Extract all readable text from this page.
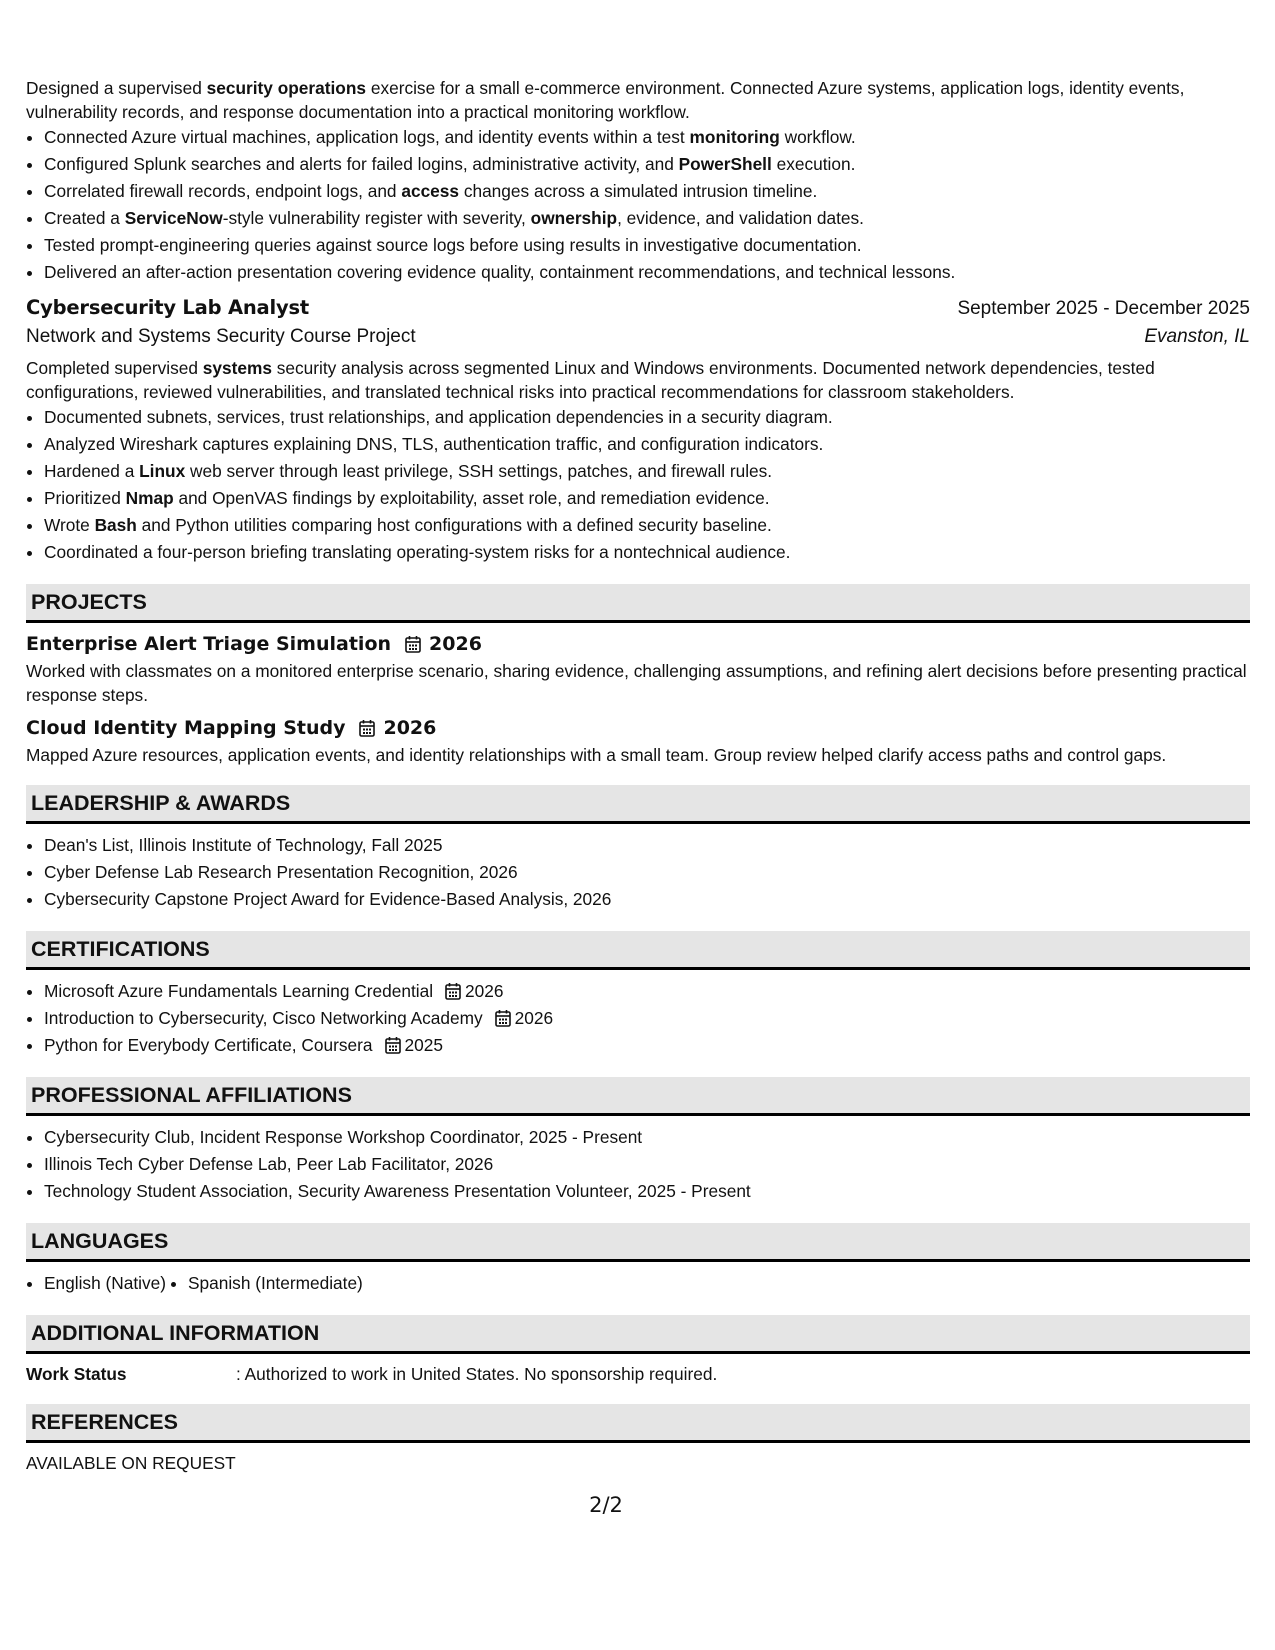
Designed a supervised security operations exercise for a small e-commerce environment. Connected Azure systems, application logs, identity events, vulnerability records, and response documentation into a practical monitoring workflow.

• Connected Azure virtual machines, application logs, and identity events within a test monitoring workflow.
• Configured Splunk searches and alerts for failed logins, administrative activity, and PowerShell execution.
• Correlated firewall records, endpoint logs, and access changes across a simulated intrusion timeline.
• Created a ServiceNow-style vulnerability register with severity, ownership, evidence, and validation dates.
• Tested prompt-engineering queries against source logs before using results in investigative documentation.
• Delivered an after-action presentation covering evidence quality, containment recommendations, and technical lessons.
Cybersecurity Lab Analyst	September 2025 - December 2025
Network and Systems Security Course Project	Evanston, IL

Completed supervised systems security analysis across segmented Linux and Windows environments. Documented network dependencies, tested configurations, reviewed vulnerabilities, and translated technical risks into practical recommendations for classroom stakeholders.

• Documented subnets, services, trust relationships, and application dependencies in a security diagram.
• Analyzed Wireshark captures explaining DNS, TLS, authentication traffic, and configuration indicators.
• Hardened a Linux web server through least privilege, SSH settings, patches, and firewall rules.
• Prioritized Nmap and OpenVAS findings by exploitability, asset role, and remediation evidence.
• Wrote Bash and Python utilities comparing host configurations with a defined security baseline.
• Coordinated a four-person briefing translating operating-system risks for a nontechnical audience.
PROJECTS
Enterprise Alert Triage Simulation 2026

Worked with classmates on a monitored enterprise scenario, sharing evidence, challenging assumptions, and refining alert decisions before presenting practical response steps.

Cloud Identity Mapping Study 2026

Mapped Azure resources, application events, and identity relationships with a small team. Group review helped clarify access paths and control gaps.

LEADERSHIP & AWARDS
• Dean's List, Illinois Institute of Technology, Fall 2025
• Cyber Defense Lab Research Presentation Recognition, 2026
• Cybersecurity Capstone Project Award for Evidence-Based Analysis, 2026
CERTIFICATIONS
• Microsoft Azure Fundamentals Learning Credential 2026
• Introduction to Cybersecurity, Cisco Networking Academy 2026
• Python for Everybody Certificate, Coursera 2025
PROFESSIONAL AFFILIATIONS
• Cybersecurity Club, Incident Response Workshop Coordinator, 2025 - Present
• Illinois Tech Cyber Defense Lab, Peer Lab Facilitator, 2026
• Technology Student Association, Security Awareness Presentation Volunteer, 2025 - Present
LANGUAGES
• English (Native)
• Spanish (Intermediate)
ADDITIONAL INFORMATION
Work Status	: Authorized to work in United States. No sponsorship required.
REFERENCES
AVAILABLE ON REQUEST
2/2
